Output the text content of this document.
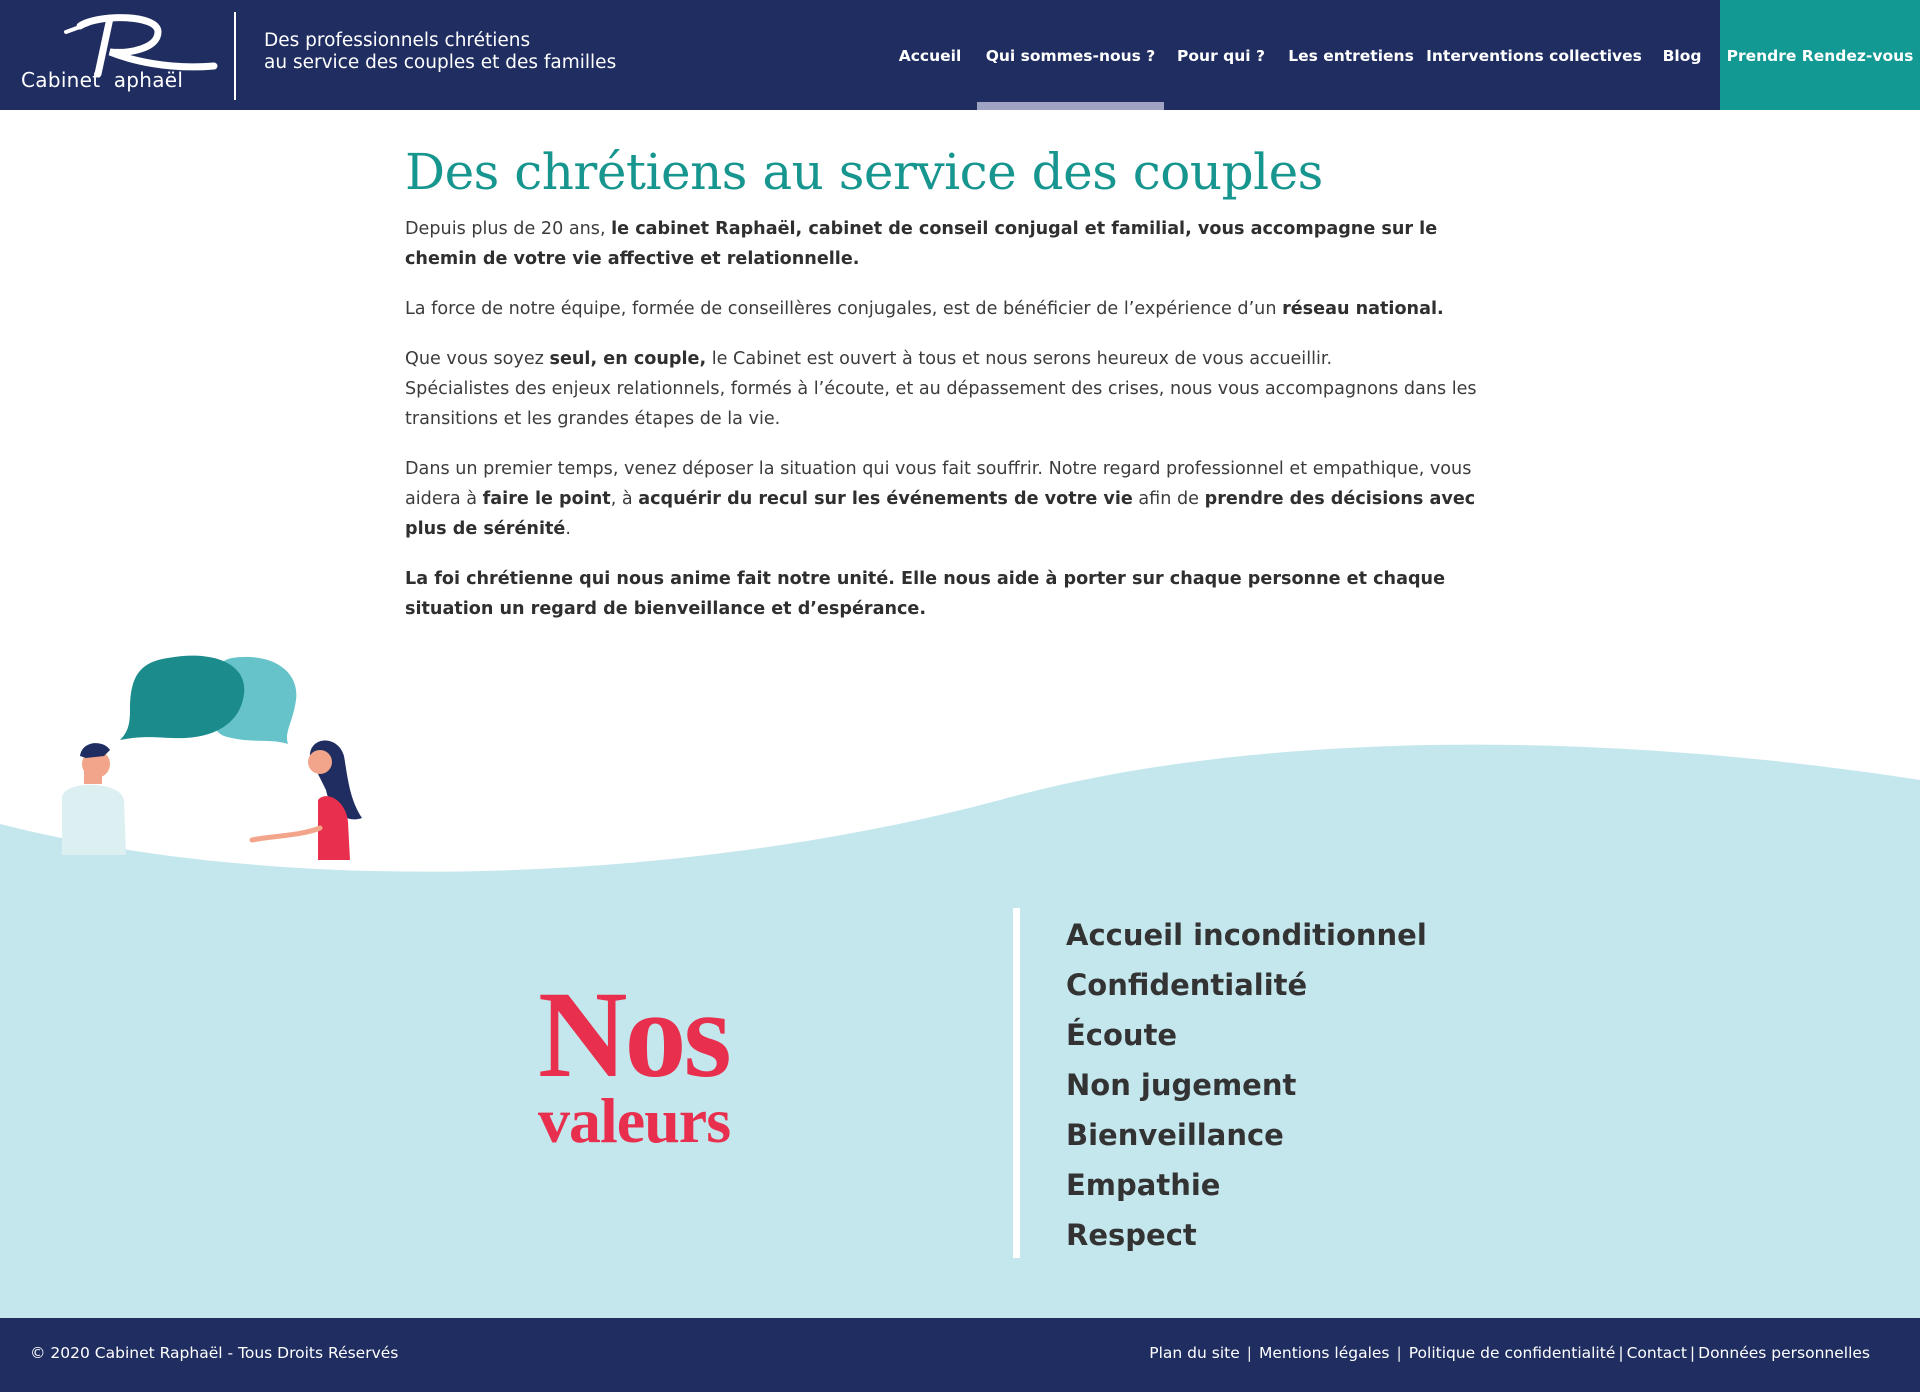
Cabinet  aphaël
Des professionnels chrétiens
au service des couples et des familles	Accueil	Qui sommes-nous ?	Pour qui ?	Les entretiens Interventions collectives	Blog	Prendre Rendez-vous
Des chrétiens au service des couples

Depuis plus de 20 ans, le cabinet Raphaël, cabinet de conseil conjugal et familial, vous accompagne sur le chemin de votre vie affective et relationnelle.

La force de notre équipe, formée de conseillères conjugales, est de bénéficier de l’expérience d’un réseau national.

Que vous soyez seul, en couple, le Cabinet est ouvert à tous et nous serons heureux de vous accueillir.
Spécialistes des enjeux relationnels, formés à l’écoute, et au dépassement des crises, nous vous accompagnons dans les transitions et les grandes étapes de la vie.

Dans un premier temps, venez déposer la situation qui vous fait souffrir. Notre regard professionnel et empathique, vous aidera à faire le point, à acquérir du recul sur les événements de votre vie afin de prendre des décisions avec plus de sérénité.

La foi chrétienne qui nous anime fait notre unité. Elle nous aide à porter sur chaque personne et chaque situation un regard de bienveillance et d’espérance.

Nos
valeurs
Accueil inconditionnel
Confidentialité
Écoute
Non jugement
Bienveillance
Empathie
Respect
© 2020 Cabinet Raphaël - Tous Droits Réservés	Plan du site | Mentions légales | Politique de confidentialité | Contact | Données personnelles
